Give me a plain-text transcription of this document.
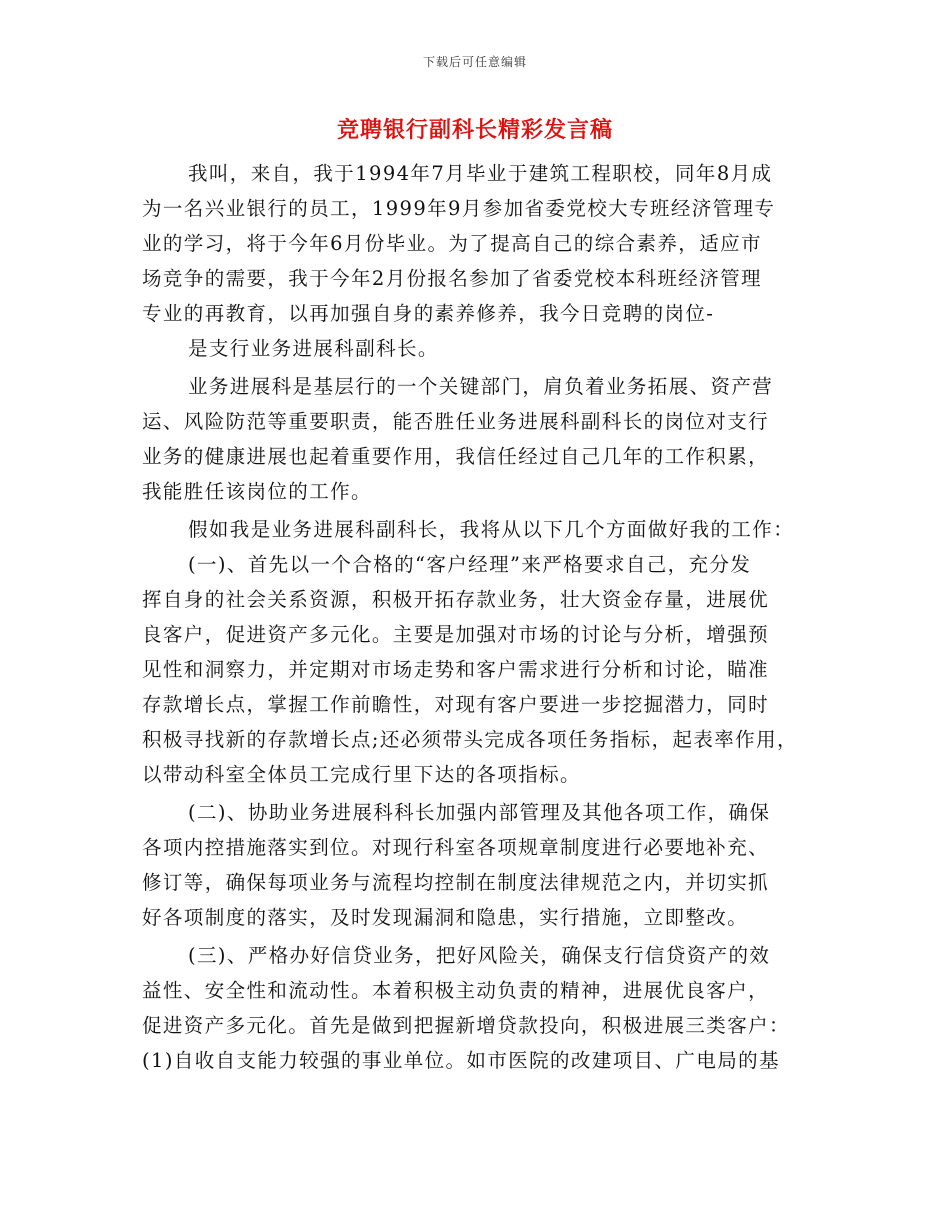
下载后可任意编辑
竞聘银行副科长精彩发言稿
我叫，来自，我于1994年7月毕业于建筑工程职校，同年8月成
为一名兴业银行的员工，1999年9月参加省委党校大专班经济管理专
业的学习，将于今年6月份毕业。为了提高自己的综合素养，适应市
场竞争的需要，我于今年2月份报名参加了省委党校本科班经济管理
专业的再教育，以再加强自身的素养修养，我今日竞聘的岗位-
是支行业务进展科副科长。
业务进展科是基层行的一个关键部门，肩负着业务拓展、资产营
运、风险防范等重要职责，能否胜任业务进展科副科长的岗位对支行
业务的健康进展也起着重要作用，我信任经过自己几年的工作积累，
我能胜任该岗位的工作。
假如我是业务进展科副科长，我将从以下几个方面做好我的工作：
(一)、首先以一个合格的“客户经理”来严格要求自己，充分发
挥自身的社会关系资源，积极开拓存款业务，壮大资金存量，进展优
良客户，促进资产多元化。主要是加强对市场的讨论与分析，增强预
见性和洞察力，并定期对市场走势和客户需求进行分析和讨论，瞄准
存款增长点，掌握工作前瞻性，对现有客户要进一步挖掘潜力，同时
积极寻找新的存款增长点;还必须带头完成各项任务指标，起表率作用，
以带动科室全体员工完成行里下达的各项指标。
(二)、协助业务进展科科长加强内部管理及其他各项工作，确保
各项内控措施落实到位。对现行科室各项规章制度进行必要地补充、
修订等，确保每项业务与流程均控制在制度法律规范之内，并切实抓
好各项制度的落实，及时发现漏洞和隐患，实行措施，立即整改。
(三)、严格办好信贷业务，把好风险关，确保支行信贷资产的效
益性、安全性和流动性。本着积极主动负责的精神，进展优良客户，
促进资产多元化。首先是做到把握新增贷款投向，积极进展三类客户：
(1)自收自支能力较强的事业单位。如市医院的改建项目、广电局的基
